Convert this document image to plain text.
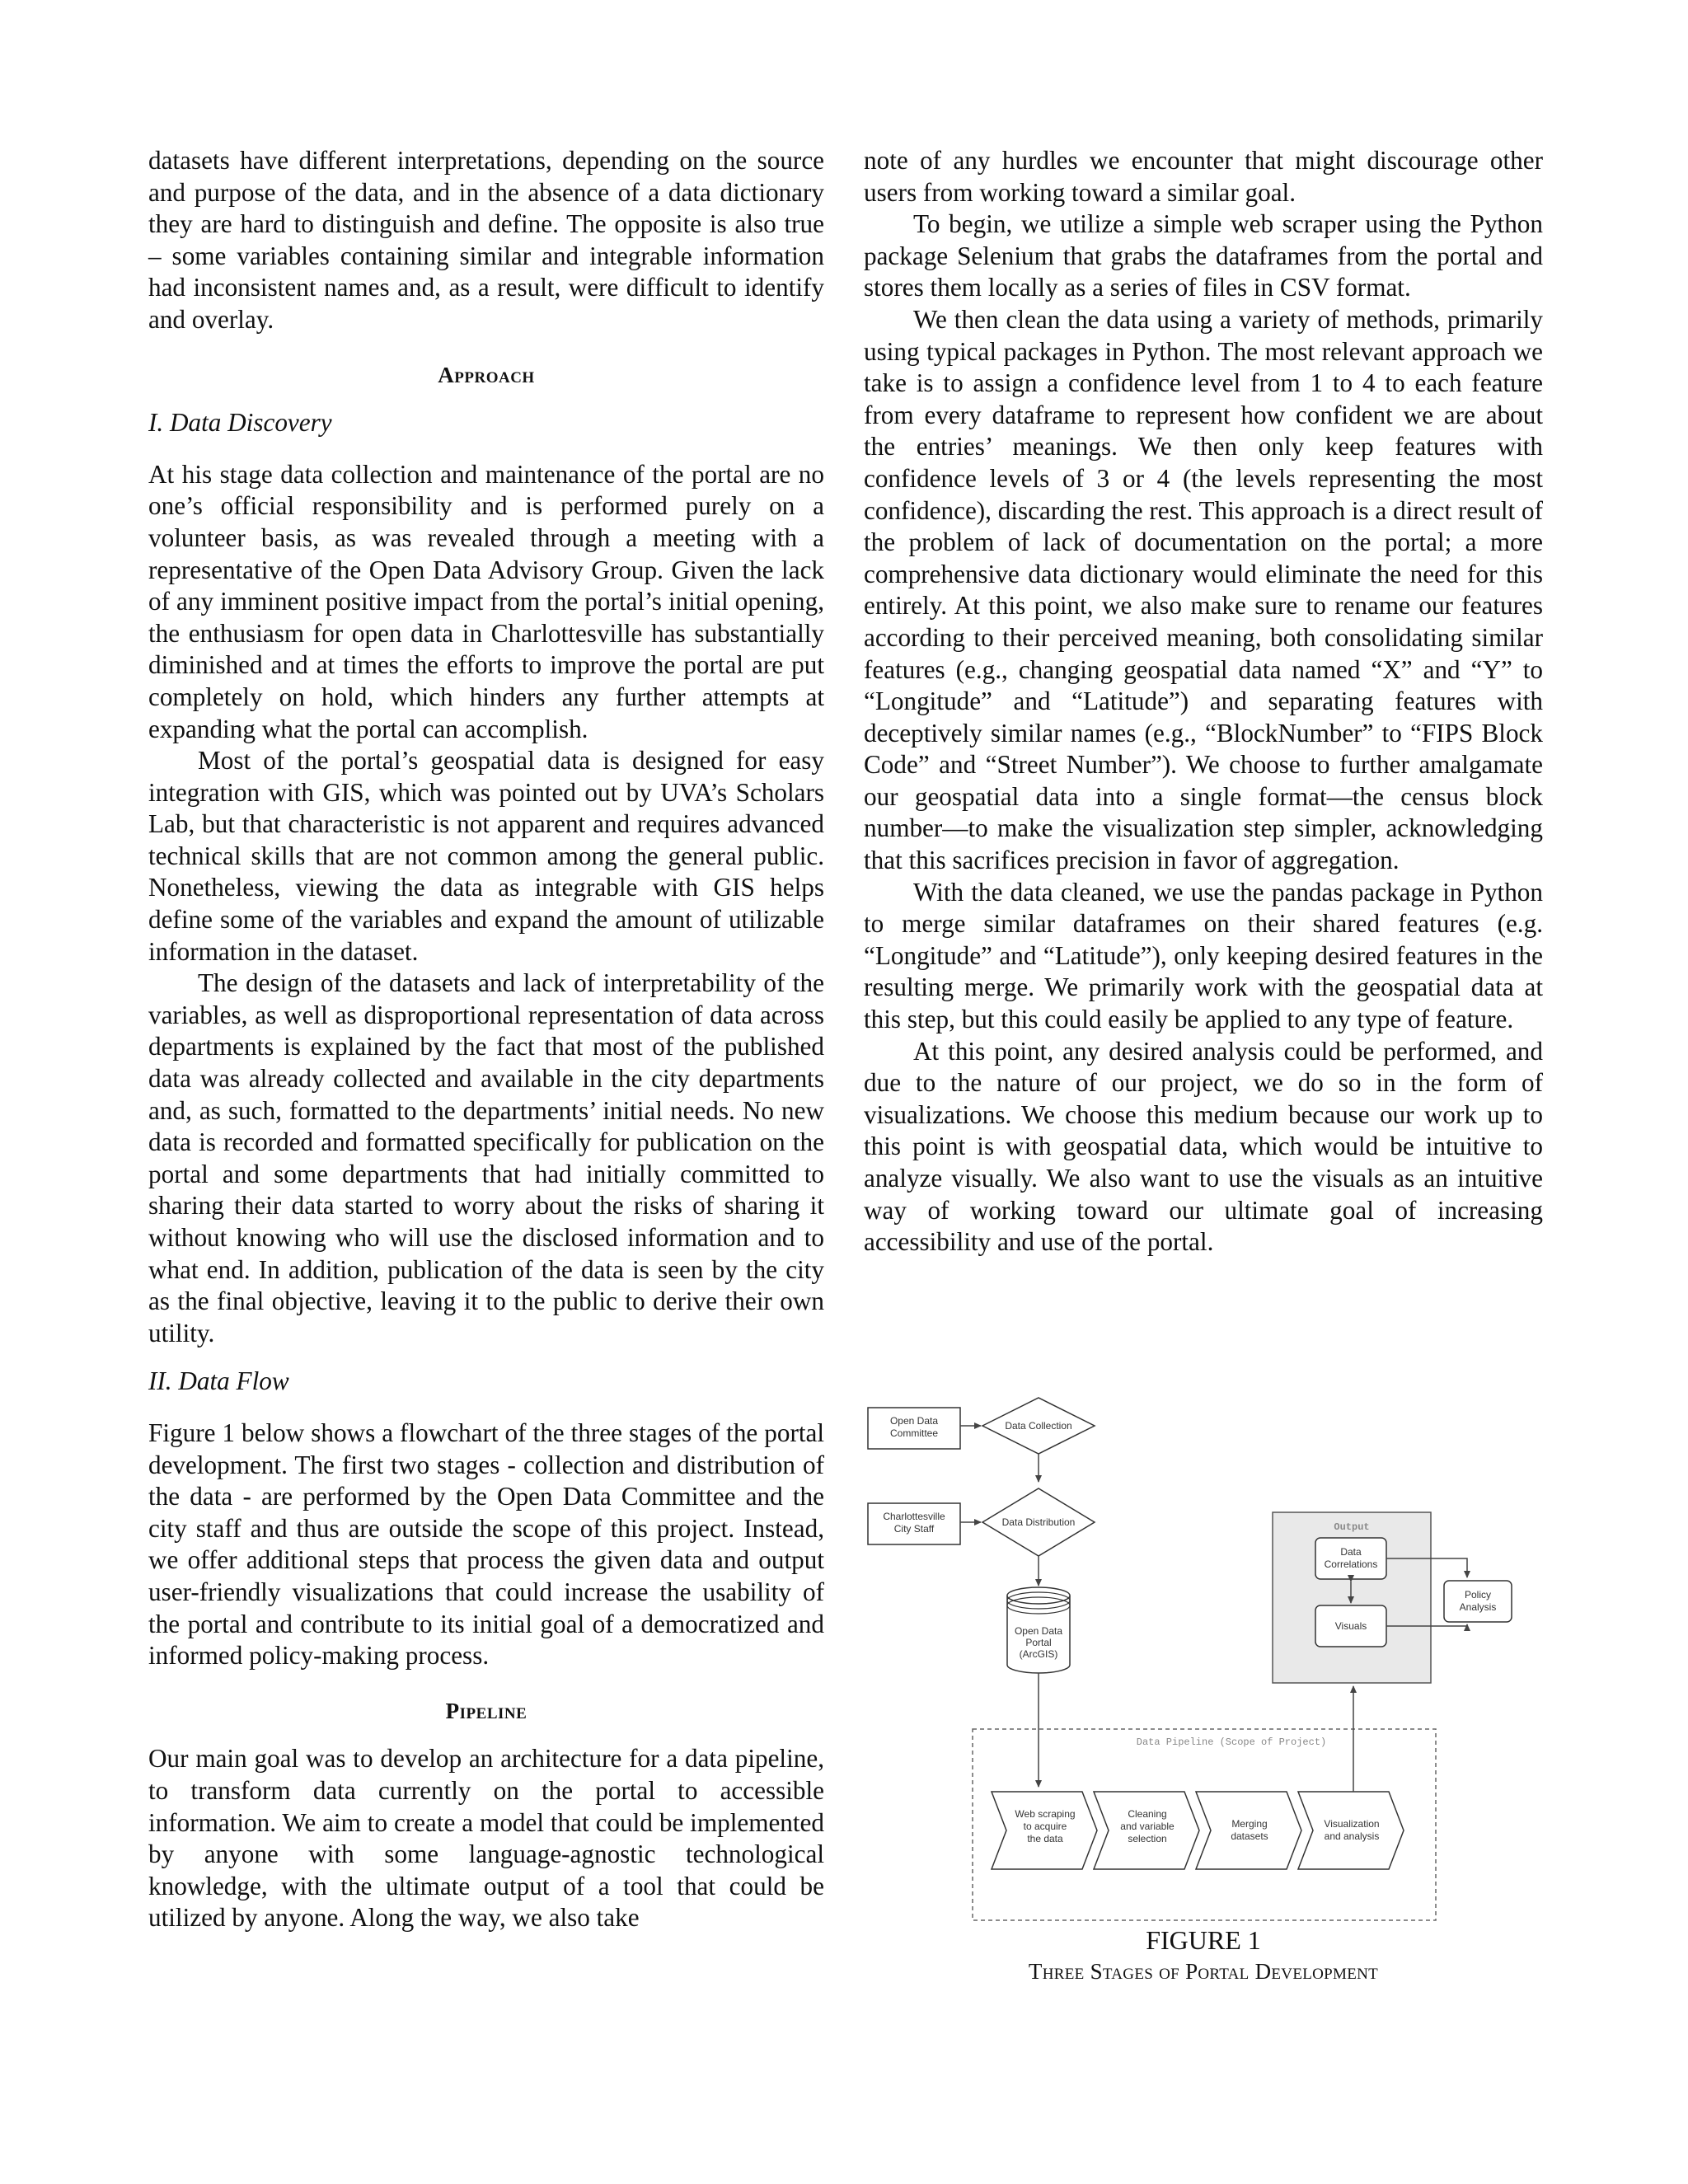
datasets have different interpretations, depending on the source and purpose of the data, and in the absence of a data dictionary they are hard to distinguish and define. The opposite is also true – some variables containing similar and integrable information had inconsistent names and, as a result, were difficult to identify and overlay.

Approach
I. Data Discovery

At his stage data collection and maintenance of the portal are no one’s official responsibility and is performed purely on a volunteer basis, as was revealed through a meeting with a representative of the Open Data Advisory Group. Given the lack of any imminent positive impact from the portal’s initial opening, the enthusiasm for open data in Charlottesville has substantially diminished and at times the efforts to improve the portal are put completely on hold, which hinders any further attempts at expanding what the portal can accomplish.

Most of the portal’s geospatial data is designed for easy integration with GIS, which was pointed out by UVA’s Scholars Lab, but that characteristic is not apparent and requires advanced technical skills that are not common among the general public. Nonetheless, viewing the data as integrable with GIS helps define some of the variables and expand the amount of utilizable information in the dataset.

The design of the datasets and lack of interpretability of the variables, as well as disproportional representation of data across departments is explained by the fact that most of the published data was already collected and available in the city departments and, as such, formatted to the departments’ initial needs. No new data is recorded and formatted specifically for publication on the portal and some departments that had initially committed to sharing their data started to worry about the risks of sharing it without knowing who will use the disclosed information and to what end. In addition, publication of the data is seen by the city as the final objective, leaving it to the public to derive their own utility.

II. Data Flow

Figure 1 below shows a flowchart of the three stages of the portal development. The first two stages - collection and distribution of the data - are performed by the Open Data Committee and the city staff and thus are outside the scope of this project. Instead, we offer additional steps that process the given data and output user-friendly visualizations that could increase the usability of the portal and contribute to its initial goal of a democratized and informed policy-making process.

Pipeline

Our main goal was to develop an architecture for a data pipeline, to transform data currently on the portal to accessible information. We aim to create a model that could be implemented by anyone with some language-agnostic technological knowledge, with the ultimate output of a tool that could be utilized by anyone. Along the way, we also take

note of any hurdles we encounter that might discourage other users from working toward a similar goal.

To begin, we utilize a simple web scraper using the Python package Selenium that grabs the dataframes from the portal and stores them locally as a series of files in CSV format.

We then clean the data using a variety of methods, primarily using typical packages in Python. The most relevant approach we take is to assign a confidence level from 1 to 4 to each feature from every dataframe to represent how confident we are about the entries’ meanings. We then only keep features with confidence levels of 3 or 4 (the levels representing the most confidence), discarding the rest. This approach is a direct result of the problem of lack of documentation on the portal; a more comprehensive data dictionary would eliminate the need for this entirely. At this point, we also make sure to rename our features according to their perceived meaning, both consolidating similar features (e.g., changing geospatial data named “X” and “Y” to “Longitude” and “Latitude”) and separating features with deceptively similar names (e.g., “BlockNumber” to “FIPS Block Code” and “Street Number”). We choose to further amalgamate our geospatial data into a single format—the census block number—to make the visualization step simpler, acknowledging that this sacrifices precision in favor of aggregation.

With the data cleaned, we use the pandas package in Python to merge similar dataframes on their shared features (e.g. “Longitude” and “Latitude”), only keeping desired features in the resulting merge. We primarily work with the geospatial data at this step, but this could easily be applied to any type of feature.

At this point, any desired analysis could be performed, and due to the nature of our project, we do so in the form of visualizations. We choose this medium because our work up to this point is with geospatial data, which would be intuitive to analyze visually. We also want to use the visuals as an intuitive way of working toward our ultimate goal of increasing accessibility and use of the portal.

Open Data
Committee
Data Collection
Charlottesville
City Staff
Data Distribution
Open Data
Portal
(ArcGIS)
Output
Data
Correlations
Visuals
Policy
Analysis
Data Pipeline (Scope of Project)
Web scraping
to acquire
the data
Cleaning
and variable
selection
Merging
datasets
Visualization
and analysis
FIGURE 1
Three Stages of Portal Development
